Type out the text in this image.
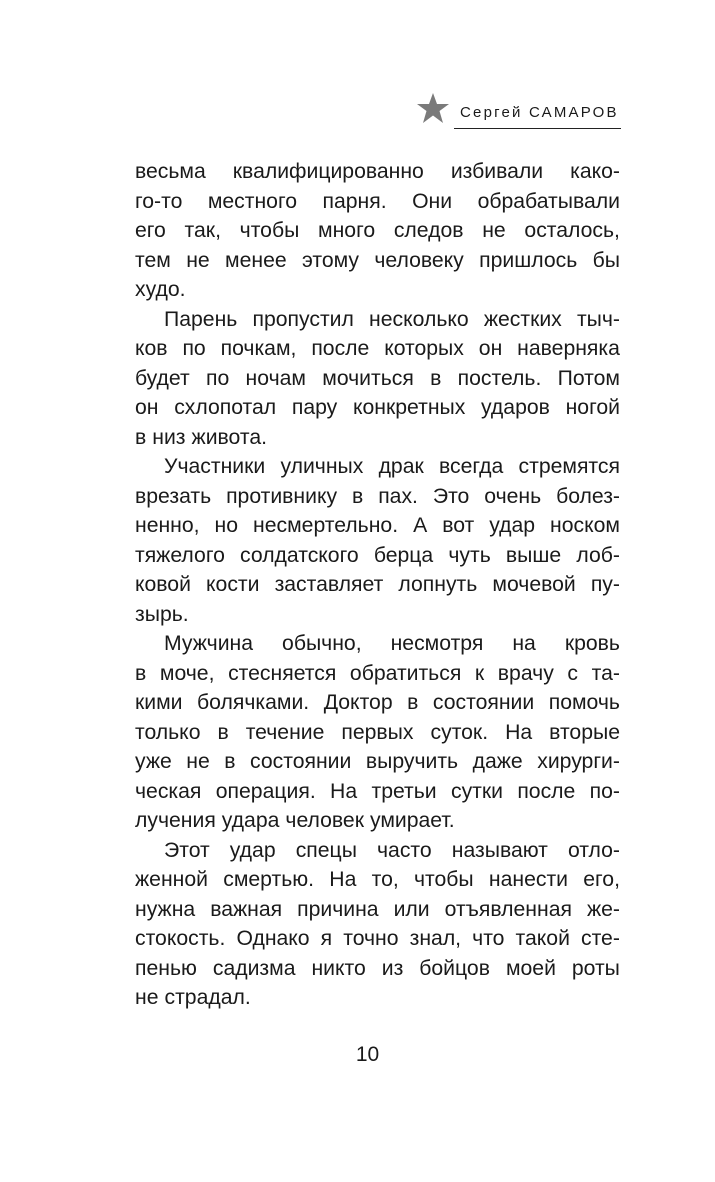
Сергей САМАРОВ
весьма квалифицированно избивали како-
го-то местного парня. Они обрабатывали
его так, чтобы много следов не осталось,
тем не менее этому человеку пришлось бы
худо.
Парень пропустил несколько жестких тыч-
ков по почкам, после которых он наверняка
будет по ночам мочиться в постель. Потом
он схлопотал пару конкретных ударов ногой
в низ живота.
Участники уличных драк всегда стремятся
врезать противнику в пах. Это очень болез-
ненно, но несмертельно. А вот удар носком
тяжелого солдатского берца чуть выше лоб-
ковой кости заставляет лопнуть мочевой пу-
зырь.
Мужчина обычно, несмотря на кровь
в моче, стесняется обратиться к врачу с та-
кими болячками. Доктор в состоянии помочь
только в течение первых суток. На вторые
уже не в состоянии выручить даже хирурги-
ческая операция. На третьи сутки после по-
лучения удара человек умирает.
Этот удар спецы часто называют отло-
женной смертью. На то, чтобы нанести его,
нужна важная причина или отъявленная же-
стокость. Однако я точно знал, что такой сте-
пенью садизма никто из бойцов моей роты
не страдал.
10
